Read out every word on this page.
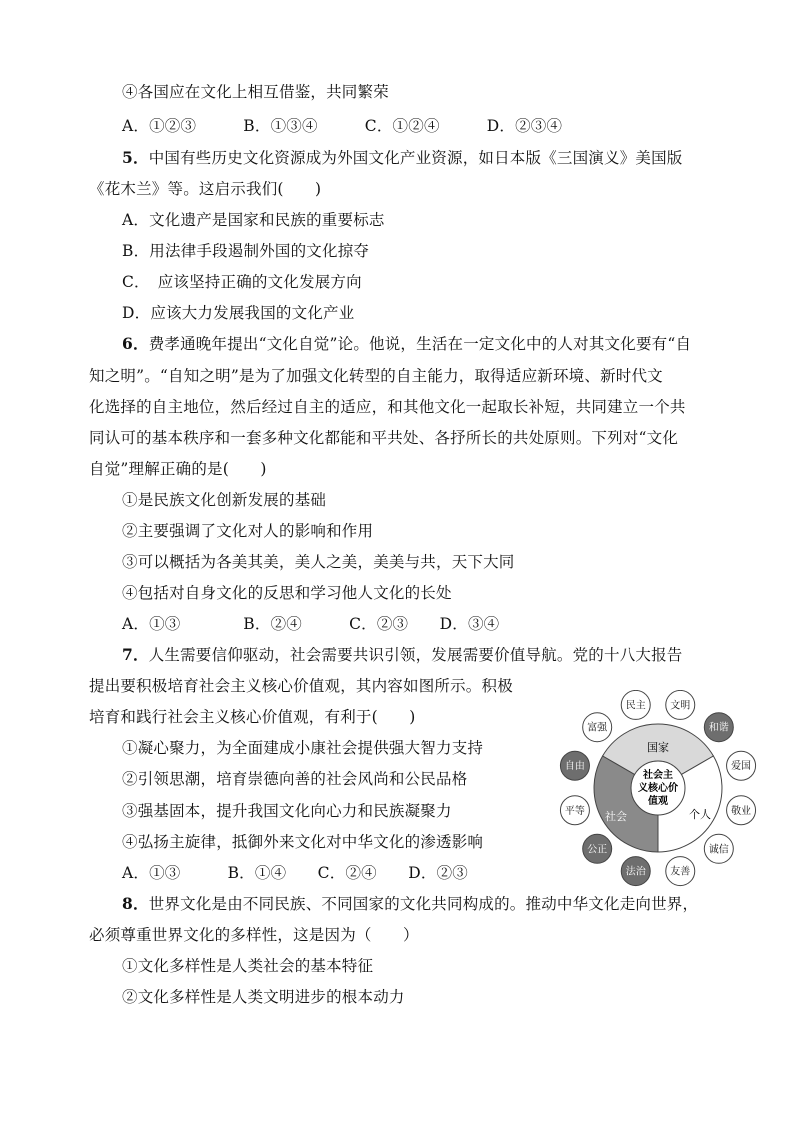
④各国应在文化上相互借鉴，共同繁荣
A．①②③　　　B．①③④　　　C．①②④　　　D．②③④
5．中国有些历史文化资源成为外国文化产业资源，如日本版《三国演义》美国版
《花木兰》等。这启示我们(　　)
A．文化遗产是国家和民族的重要标志
B．用法律手段遏制外国的文化掠夺
C．　应该坚持正确的文化发展方向
D．应该大力发展我国的文化产业
6．费孝通晚年提出“文化自觉”论。他说，生活在一定文化中的人对其文化要有“自
知之明”。“自知之明”是为了加强文化转型的自主能力，取得适应新环境、新时代文
化选择的自主地位，然后经过自主的适应，和其他文化一起取长补短，共同建立一个共
同认可的基本秩序和一套多种文化都能和平共处、各抒所长的共处原则。下列对“文化
自觉”理解正确的是(　　)
①是民族文化创新发展的基础
②主要强调了文化对人的影响和作用
③可以概括为各美其美，美人之美，美美与共，天下大同
④包括对自身文化的反思和学习他人文化的长处
A．①③　　　　B．②④　　　C．②③　　D．③④
7．人生需要信仰驱动，社会需要共识引领，发展需要价值导航。党的十八大报告
提出要积极培育社会主义核心价值观，其内容如图所示。积极
培育和践行社会主义核心价值观，有利于(　　)
①凝心聚力，为全面建成小康社会提供强大智力支持
②引领思潮，培育崇德向善的社会风尚和公民品格
③强基固本，提升我国文化向心力和民族凝聚力
④弘扬主旋律，抵御外来文化对中华文化的渗透影响
A．①③　　　B．①④　　C．②④　　D．②③
8．世界文化是由不同民族、不同国家的文化共同构成的。推动中华文化走向世界，
必须尊重世界文化的多样性，这是因为（　　）
①文化多样性是人类社会的基本特征
②文化多样性是人类文明进步的根本动力
社会主
义核心价
值观
国家
社会	个人
民主 文明
和谐
爱国
敬业
诚信
友善
法治
公正
平等
自由
富强
